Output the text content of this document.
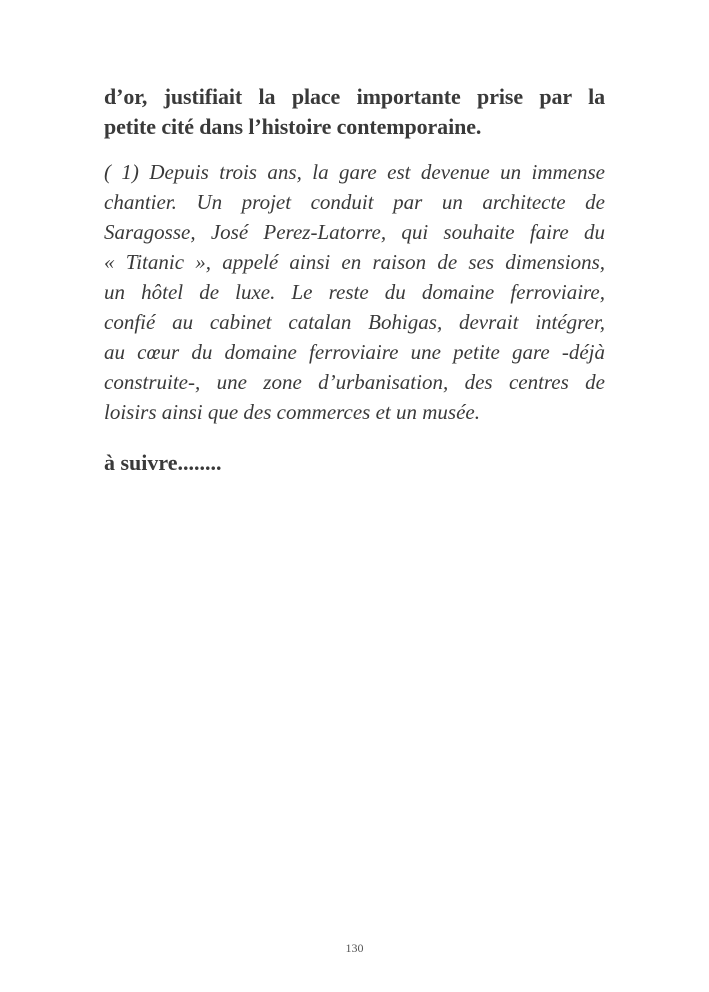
d’or, justifiait la place importante prise par la
petite cité dans l’histoire contemporaine.
( 1) Depuis trois ans, la gare est devenue un immense
chantier. Un projet conduit par un architecte de
Saragosse, José Perez-Latorre, qui souhaite faire du
« Titanic », appelé ainsi en raison de ses dimensions,
un hôtel de luxe. Le reste du domaine ferroviaire,
confié au cabinet catalan Bohigas, devrait intégrer,
au cœur du domaine ferroviaire une petite gare -déjà
construite-, une zone d’urbanisation, des centres de
loisirs ainsi que des commerces et un musée.
à suivre........
130
